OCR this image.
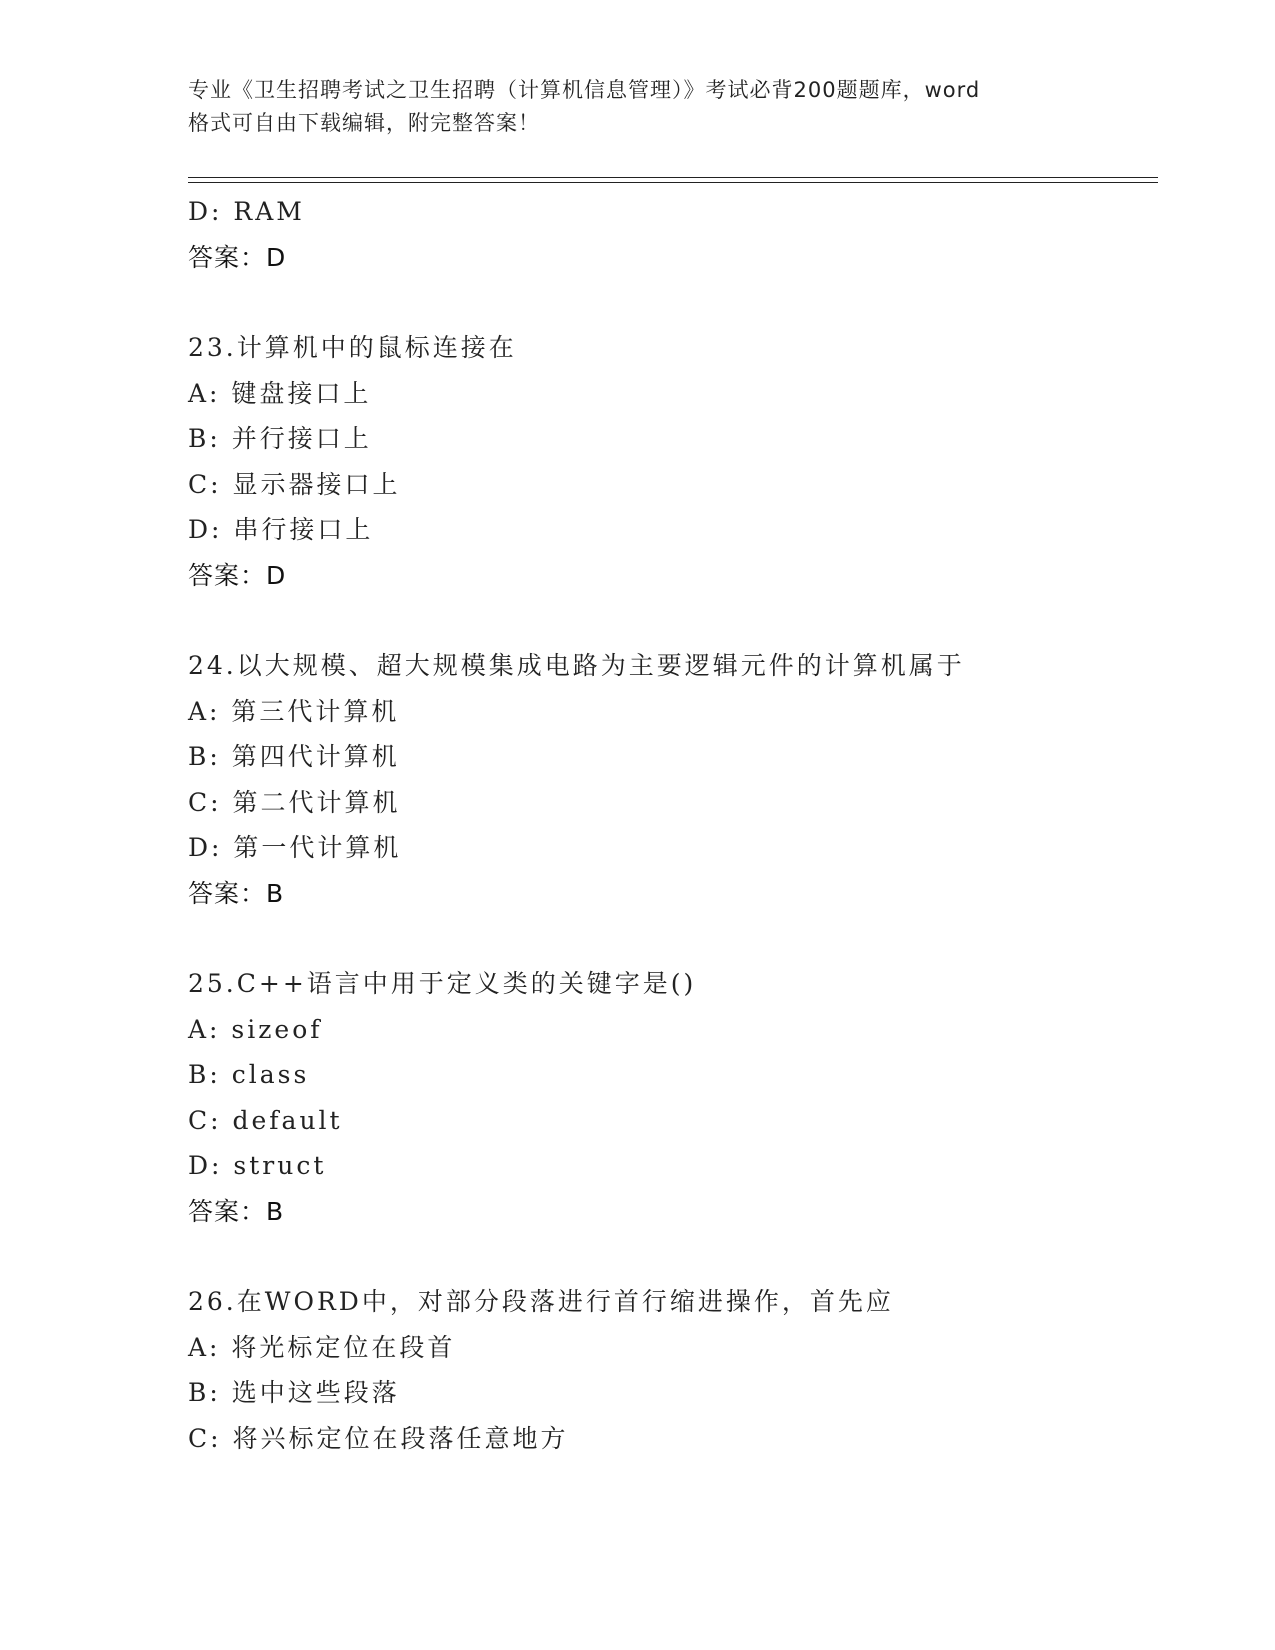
专业《卫生招聘考试之卫生招聘（计算机信息管理）》考试必背200题题库，word
格式可自由下载编辑，附完整答案！
D: RAM
答案：D
23.计算机中的鼠标连接在
A: 键盘接口上
B: 并行接口上
C: 显示器接口上
D: 串行接口上
答案：D
24.以大规模、超大规模集成电路为主要逻辑元件的计算机属于
A: 第三代计算机
B: 第四代计算机
C: 第二代计算机
D: 第一代计算机
答案：B
25.C++语言中用于定义类的关键字是()
A: sizeof
B: class
C: default
D: struct
答案：B
26.在WORD中，对部分段落进行首行缩进操作，首先应
A: 将光标定位在段首
B: 选中这些段落
C: 将兴标定位在段落任意地方
